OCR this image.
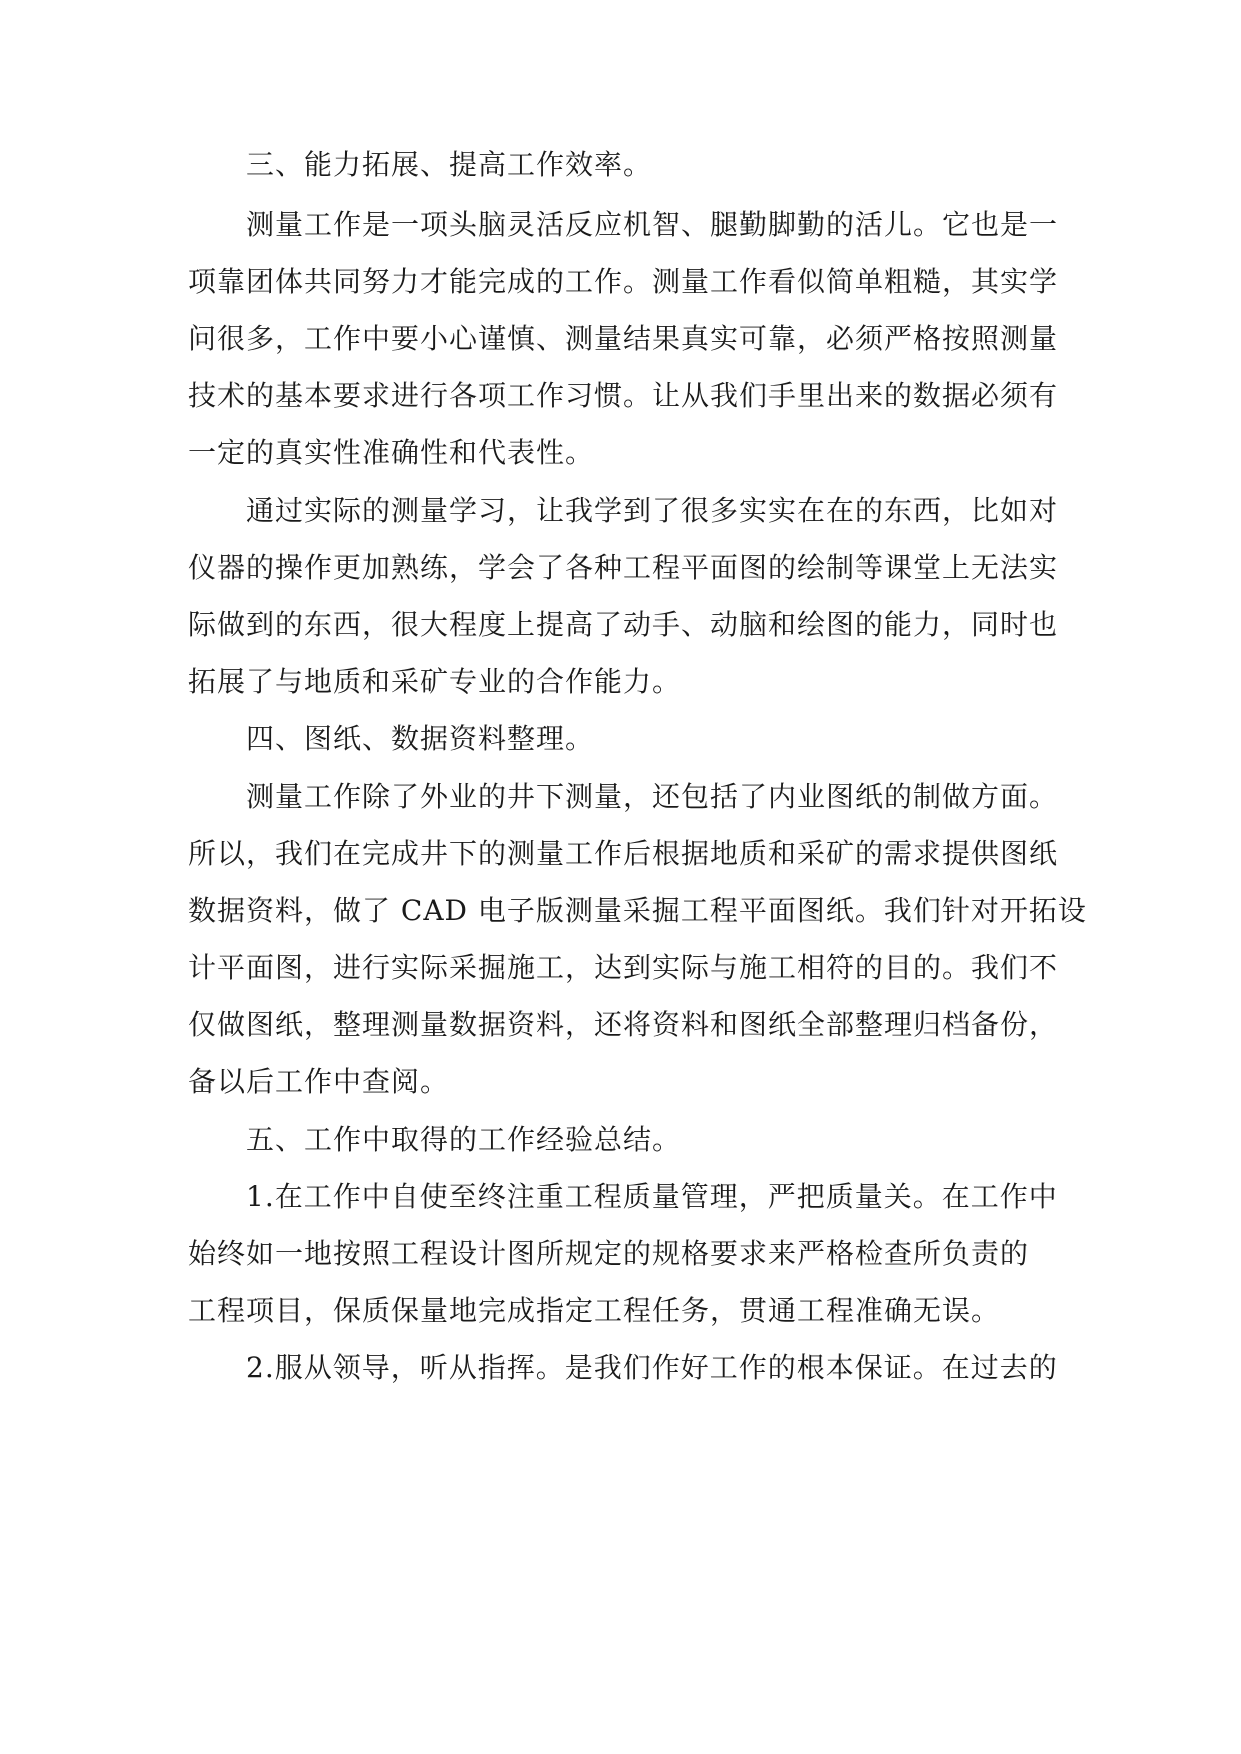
三、能力拓展、提高工作效率。

测量工作是一项头脑灵活反应机智、腿勤脚勤的活儿。它也是一

项靠团体共同努力才能完成的工作。测量工作看似简单粗糙，其实学

问很多，工作中要小心谨慎、测量结果真实可靠，必须严格按照测量

技术的基本要求进行各项工作习惯。让从我们手里出来的数据必须有

一定的真实性准确性和代表性。

通过实际的测量学习，让我学到了很多实实在在的东西，比如对

仪器的操作更加熟练，学会了各种工程平面图的绘制等课堂上无法实

际做到的东西，很大程度上提高了动手、动脑和绘图的能力，同时也

拓展了与地质和采矿专业的合作能力。

四、图纸、数据资料整理。

测量工作除了外业的井下测量，还包括了内业图纸的制做方面。

所以，我们在完成井下的测量工作后根据地质和采矿的需求提供图纸

数据资料，做了 CAD 电子版测量采掘工程平面图纸。我们针对开拓设

计平面图，进行实际采掘施工，达到实际与施工相符的目的。我们不

仅做图纸，整理测量数据资料，还将资料和图纸全部整理归档备份，

备以后工作中查阅。

五、工作中取得的工作经验总结。

1.在工作中自使至终注重工程质量管理，严把质量关。在工作中

始终如一地按照工程设计图所规定的规格要求来严格检查所负责的

工程项目，保质保量地完成指定工程任务，贯通工程准确无误。

2.服从领导，听从指挥。是我们作好工作的根本保证。在过去的
